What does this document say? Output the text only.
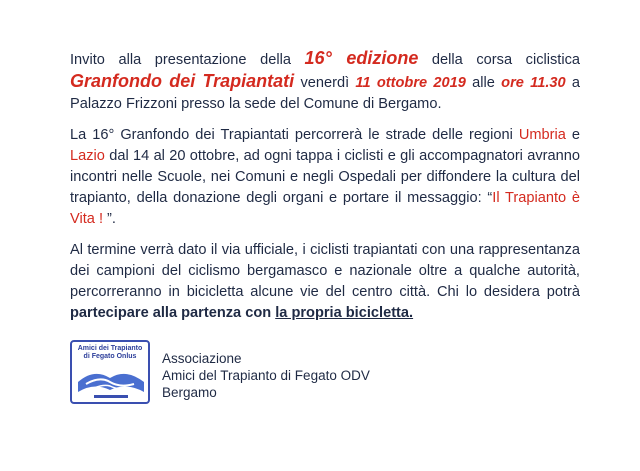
Invito alla presentazione della 16° edizione della corsa ciclistica Granfondo dei Trapiantati venerdì 11 ottobre 2019 alle ore 11.30 a Palazzo Frizzoni presso la sede del Comune di Bergamo.

La 16° Granfondo dei Trapiantati percorrerà le strade delle regioni Umbria e Lazio dal 14 al 20 ottobre, ad ogni tappa i ciclisti e gli accompagnatori avranno incontri nelle Scuole, nei Comuni e negli Ospedali per diffondere la cultura del trapianto, della donazione degli organi e portare il messaggio: “Il Trapianto è Vita ! ”.

Al termine verrà dato il via ufficiale, i ciclisti trapiantati con una rappresentanza dei campioni del ciclismo bergamasco e nazionale oltre a qualche autorità, percorreranno in bicicletta alcune vie del centro città. Chi lo desidera potrà partecipare alla partenza con la propria bicicletta.

Amici dei Trapianto
di Fegato Onlus	Associazione
Amici del Trapianto di Fegato ODV
Bergamo
